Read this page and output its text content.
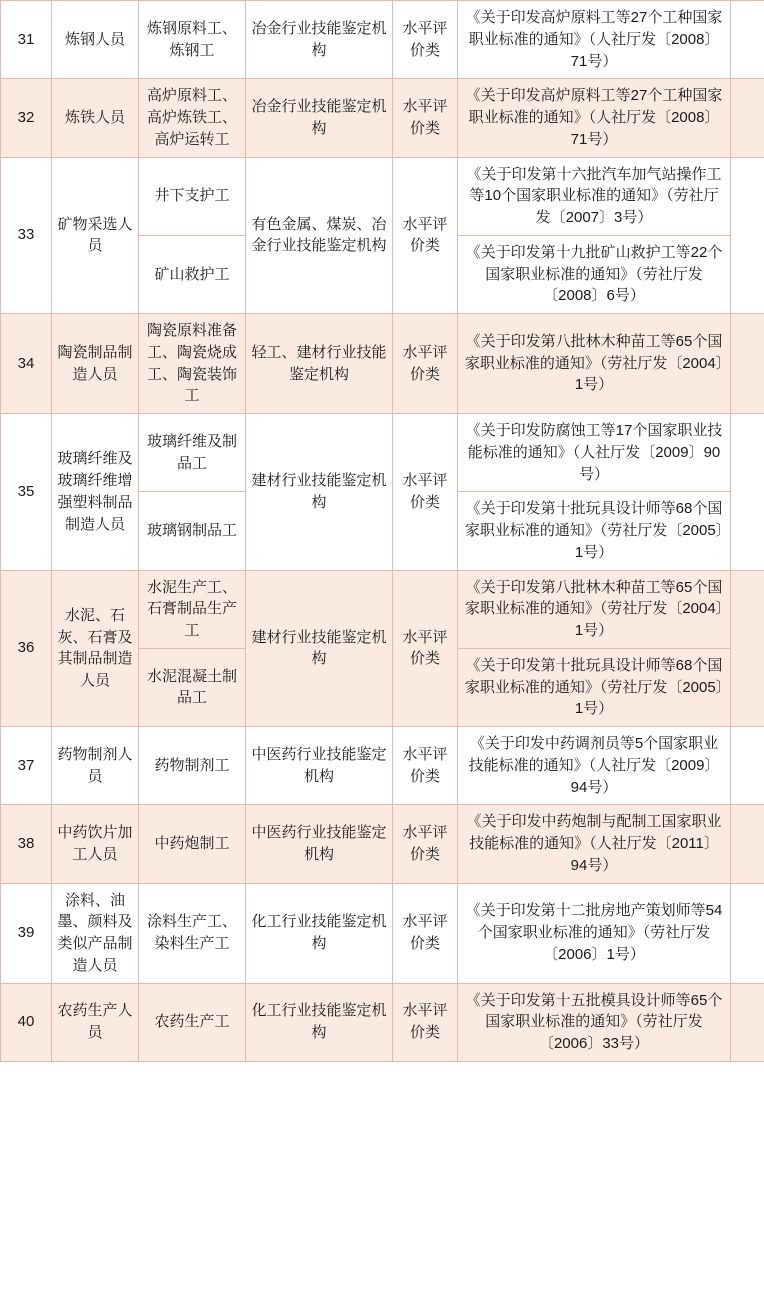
31	炼钢人员	炼钢原料工、炼钢工	冶金行业技能鉴定机构	水平评价类	《关于印发高炉原料工等27个工种国家职业标准的通知》（人社厅发〔2008〕71号）	
32	炼铁人员	高炉原料工、高炉炼铁工、高炉运转工	冶金行业技能鉴定机构	水平评价类	《关于印发高炉原料工等27个工种国家职业标准的通知》（人社厅发〔2008〕71号）	
33	矿物采选人员	井下支护工	有色金属、煤炭、冶金行业技能鉴定机构	水平评价类	《关于印发第十六批汽车加气站操作工等10个国家职业标准的通知》（劳社厅发〔2007〕3号）	
		矿山救护工			《关于印发第十九批矿山救护工等22个国家职业标准的通知》（劳社厅发〔2008〕6号）	
34	陶瓷制品制造人员	陶瓷原料准备工、陶瓷烧成工、陶瓷装饰工	轻工、建材行业技能鉴定机构	水平评价类	《关于印发第八批林木种苗工等65个国家职业标准的通知》（劳社厅发〔2004〕1号）	
35	玻璃纤维及玻璃纤维增强塑料制品制造人员	玻璃纤维及制品工	建材行业技能鉴定机构	水平评价类	《关于印发防腐蚀工等17个国家职业技能标准的通知》（人社厅发〔2009〕90号）	
		玻璃钢制品工			《关于印发第十批玩具设计师等68个国家职业标准的通知》（劳社厅发〔2005〕1号）	
36	水泥、石灰、石膏及其制品制造人员	水泥生产工、石膏制品生产工	建材行业技能鉴定机构	水平评价类	《关于印发第八批林木种苗工等65个国家职业标准的通知》（劳社厅发〔2004〕1号）	
		水泥混凝土制品工			《关于印发第十批玩具设计师等68个国家职业标准的通知》（劳社厅发〔2005〕1号）	
37	药物制剂人员	药物制剂工	中医药行业技能鉴定机构	水平评价类	《关于印发中药调剂员等5个国家职业技能标准的通知》（人社厅发〔2009〕94号）	
38	中药饮片加工人员	中药炮制工	中医药行业技能鉴定机构	水平评价类	《关于印发中药炮制与配制工国家职业技能标准的通知》（人社厅发〔2011〕94号）	
39	涂料、油墨、颜料及类似产品制造人员	涂料生产工、染料生产工	化工行业技能鉴定机构	水平评价类	《关于印发第十二批房地产策划师等54个国家职业标准的通知》（劳社厅发〔2006〕1号）	
40	农药生产人员	农药生产工	化工行业技能鉴定机构	水平评价类	《关于印发第十五批模具设计师等65个国家职业标准的通知》（劳社厅发〔2006〕33号）	
